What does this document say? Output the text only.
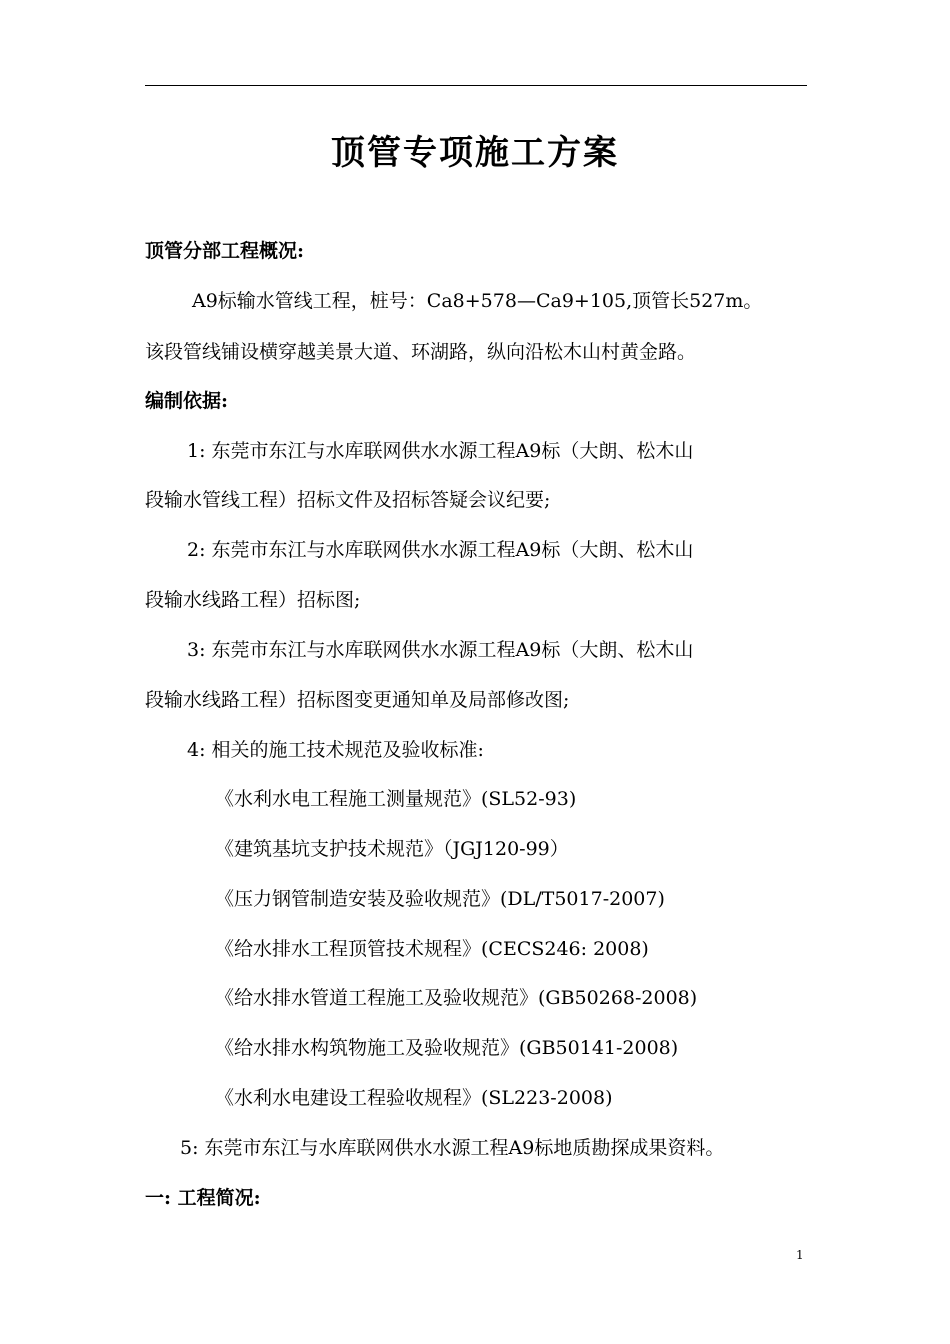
顶管专项施工方案
顶管分部工程概况:
A9标输水管线工程，桩号：Ca8+578—Ca9+105,顶管长527m。
该段管线铺设横穿越美景大道、环湖路，纵向沿松木山村黄金路。
编制依据:
1: 东莞市东江与水库联网供水水源工程A9标（大朗、松木山
段输水管线工程）招标文件及招标答疑会议纪要;
2: 东莞市东江与水库联网供水水源工程A9标（大朗、松木山
段输水线路工程）招标图;
3: 东莞市东江与水库联网供水水源工程A9标（大朗、松木山
段输水线路工程）招标图变更通知单及局部修改图;
4: 相关的施工技术规范及验收标准:
《水利水电工程施工测量规范》(SL52-93)
《建筑基坑支护技术规范》（JGJ120-99）
《压力钢管制造安装及验收规范》(DL/T5017-2007)
《给水排水工程顶管技术规程》(CECS246: 2008)
《给水排水管道工程施工及验收规范》(GB50268-2008)
《给水排水构筑物施工及验收规范》(GB50141-2008)
《水利水电建设工程验收规程》(SL223-2008)
5: 东莞市东江与水库联网供水水源工程A9标地质勘探成果资料。
一: 工程简况:
1
